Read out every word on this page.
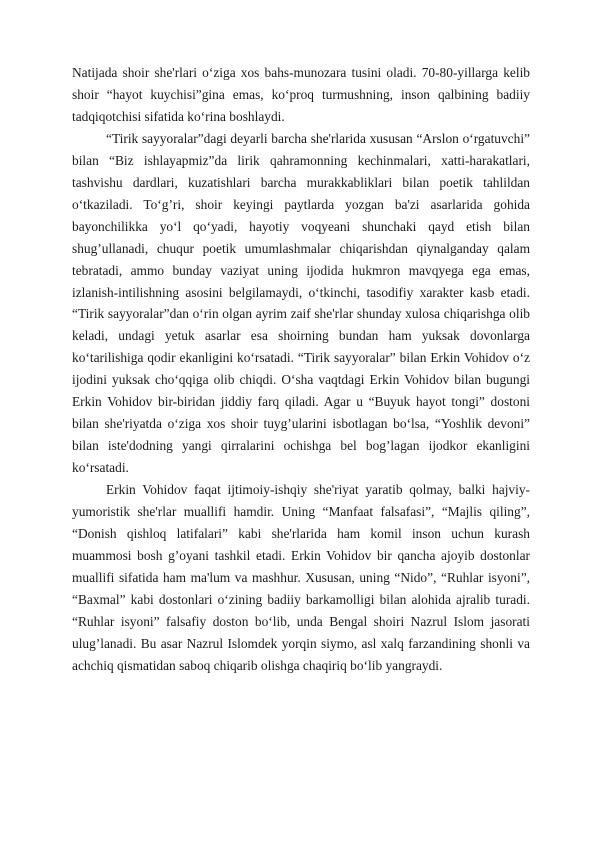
Natijada shoir she'rlari o‘ziga xos bahs-munozara tusini oladi. 70-80-yillarga kelib shoir “hayot kuychisi”gina emas, ko‘proq turmushning, inson qalbining badiiy tadqiqotchisi sifatida ko‘rina boshlaydi.

“Tirik sayyoralar”dagi deyarli barcha she'rlarida xususan “Arslon o‘rgatuvchi” bilan “Biz ishlayapmiz”da lirik qahramonning kechinmalari, xatti-harakatlari, tashvishu dardlari, kuzatishlari barcha murakkabliklari bilan poetik tahlildan o‘tkaziladi. To‘g’ri, shoir keyingi paytlarda yozgan ba'zi asarlarida gohida bayonchilikka yo‘l qo‘yadi, hayotiy voqyeani shunchaki qayd etish bilan shug’ullanadi, chuqur poetik umumlashmalar chiqarishdan qiynalganday qalam tebratadi, ammo bunday vaziyat uning ijodida hukmron mavqyega ega emas, izlanish-intilishning asosini belgilamaydi, o‘tkinchi, tasodifiy xarakter kasb etadi. “Tirik sayyoralar”dan o‘rin olgan ayrim zaif she'rlar shunday xulosa chiqarishga olib keladi, undagi yetuk asarlar esa shoirning bundan ham yuksak dovonlarga ko‘tarilishiga qodir ekanligini ko‘rsatadi. “Tirik sayyoralar” bilan Erkin Vohidov o‘z ijodini yuksak cho‘qqiga olib chiqdi. O‘sha vaqtdagi Erkin Vohidov bilan bugungi Erkin Vohidov bir-biridan jiddiy farq qiladi. Agar u “Buyuk hayot tongi” dostoni bilan she'riyatda o‘ziga xos shoir tuyg’ularini isbotlagan bo‘lsa, “Yoshlik devoni” bilan iste'dodning yangi qirralarini ochishga bel bog’lagan ijodkor ekanligini ko‘rsatadi.

Erkin Vohidov faqat ijtimoiy-ishqiy she'riyat yaratib qolmay, balki hajviy-yumoristik she'rlar muallifi hamdir. Uning “Manfaat falsafasi”, “Majlis qiling”, “Donish qishloq latifalari” kabi she'rlarida ham komil inson uchun kurash muammosi bosh g’oyani tashkil etadi. Erkin Vohidov bir qancha ajoyib dostonlar muallifi sifatida ham ma'lum va mashhur. Xususan, uning “Nido”, “Ruhlar isyoni”, “Baxmal” kabi dostonlari o‘zining badiiy barkamolligi bilan alohida ajralib turadi. “Ruhlar isyoni” falsafiy doston bo‘lib, unda Bengal shoiri Nazrul Islom jasorati ulug’lanadi. Bu asar Nazrul Islomdek yorqin siymo, asl xalq farzandining shonli va achchiq qismatidan saboq chiqarib olishga chaqiriq bo‘lib yangraydi.
